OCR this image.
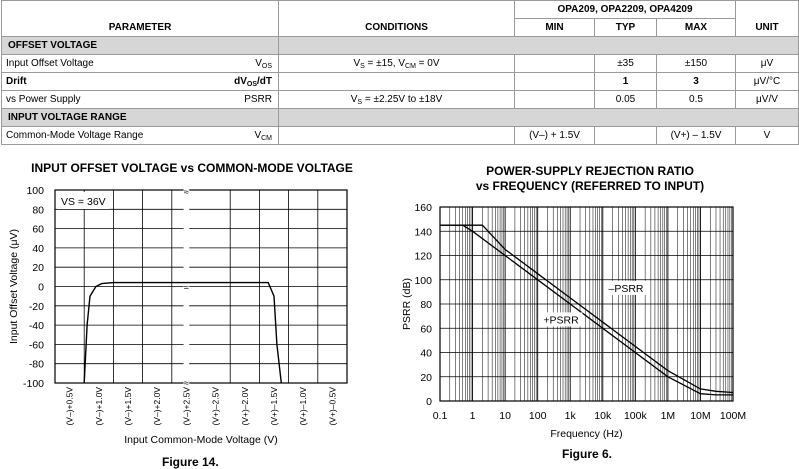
PARAMETER	CONDITIONS	OPA209, OPA2209, OPA4209			UNIT
		MIN	TYP	MAX	
OFFSET VOLTAGE					
Input Offset Voltage $V_{OS}$	$V_S = \pm 15$, $V_{CM} = 0V$		±35	±150	μV
Drift $dV_{OS}/dT$			1	3	μV/°C
vs Power Supply PSRR	$V_S = \pm 2.25V$ to ±18V		0.05	0.5	μV/V
INPUT VOLTAGE RANGE					
Common-Mode Voltage Range $V_{CM}$		(V–) + 1.5V		(V+) – 1.5V	V
INPUT OFFSET VOLTAGE vs COMMON-MODE VOLTAGE
≈
≈
≈
100
80
60
40
20
0
-20
-40
-60
-80
-100
(V–)+0.5V (V–)+1.0V (V–)+1.5V (V–)+2.0V (V–)+2.5V (V+)–2.5V (V+)–2.0V (V+)–1.5V (V+)–1.0V (V+)–0.5V
Input Common-Mode Voltage (V)
Input Offset Voltage (μV)
VS = 36V
Figure 14.
POWER-SUPPLY REJECTION RATIO
vs FREQUENCY (REFERRED TO INPUT)
0
20
40
60
80
100
120
140
160
0.1 1 10 100 1k 10k 100k 1M 10M 100M
Frequency (Hz)
PSRR (dB)	–PSRR
+PSRR
Figure 6.
